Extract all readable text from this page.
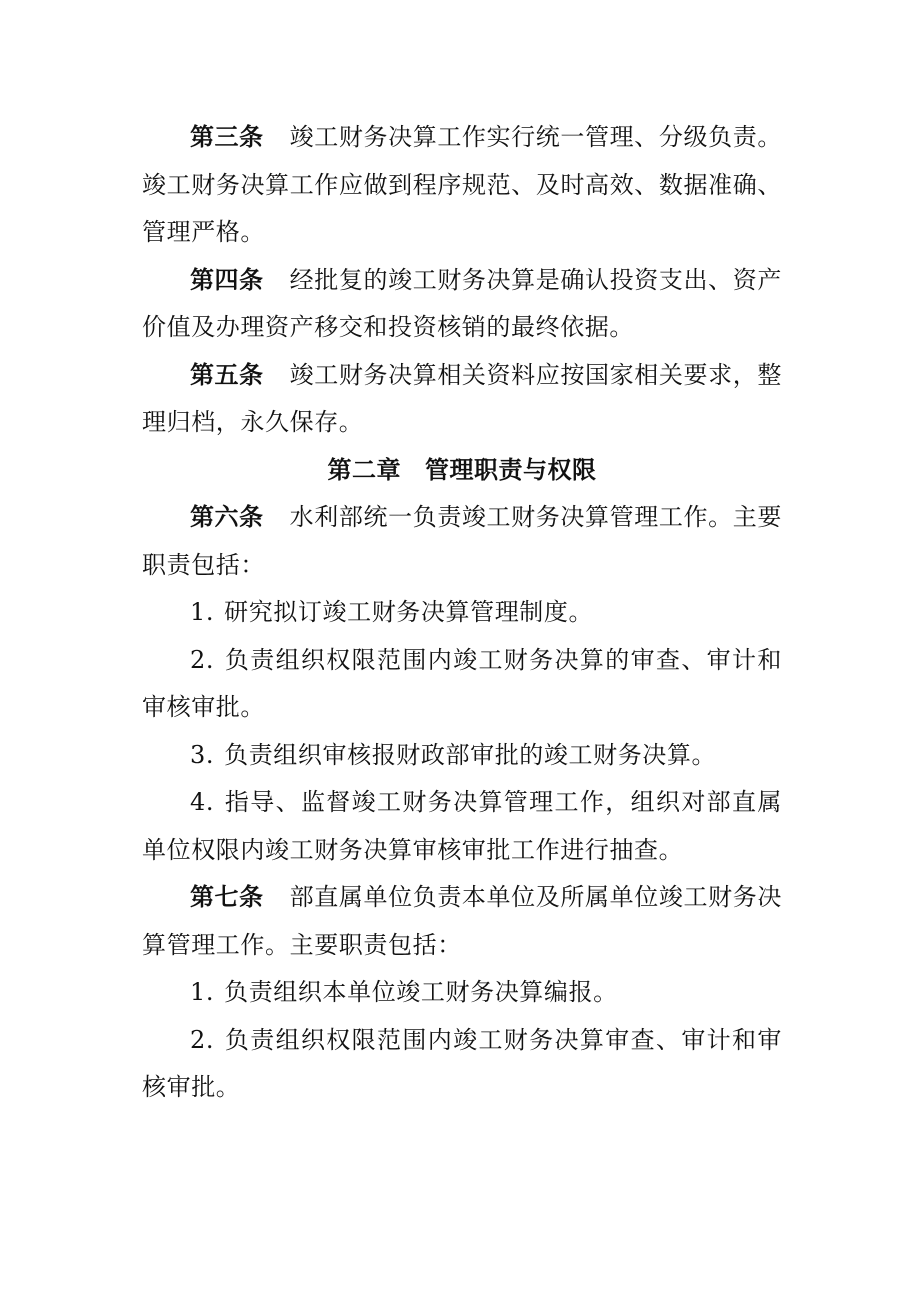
第三条 竣工财务决算工作实行统一管理、分级负责。竣工财务决算工作应做到程序规范、及时高效、数据准确、管理严格。

第四条 经批复的竣工财务决算是确认投资支出、资产价值及办理资产移交和投资核销的最终依据。

第五条 竣工财务决算相关资料应按国家相关要求，整理归档，永久保存。

第二章 管理职责与权限

第六条 水利部统一负责竣工财务决算管理工作。主要职责包括：

1. 研究拟订竣工财务决算管理制度。

2. 负责组织权限范围内竣工财务决算的审查、审计和审核审批。

3. 负责组织审核报财政部审批的竣工财务决算。

4. 指导、监督竣工财务决算管理工作，组织对部直属单位权限内竣工财务决算审核审批工作进行抽查。

第七条 部直属单位负责本单位及所属单位竣工财务决算管理工作。主要职责包括：

1. 负责组织本单位竣工财务决算编报。

2. 负责组织权限范围内竣工财务决算审查、审计和审核审批。
